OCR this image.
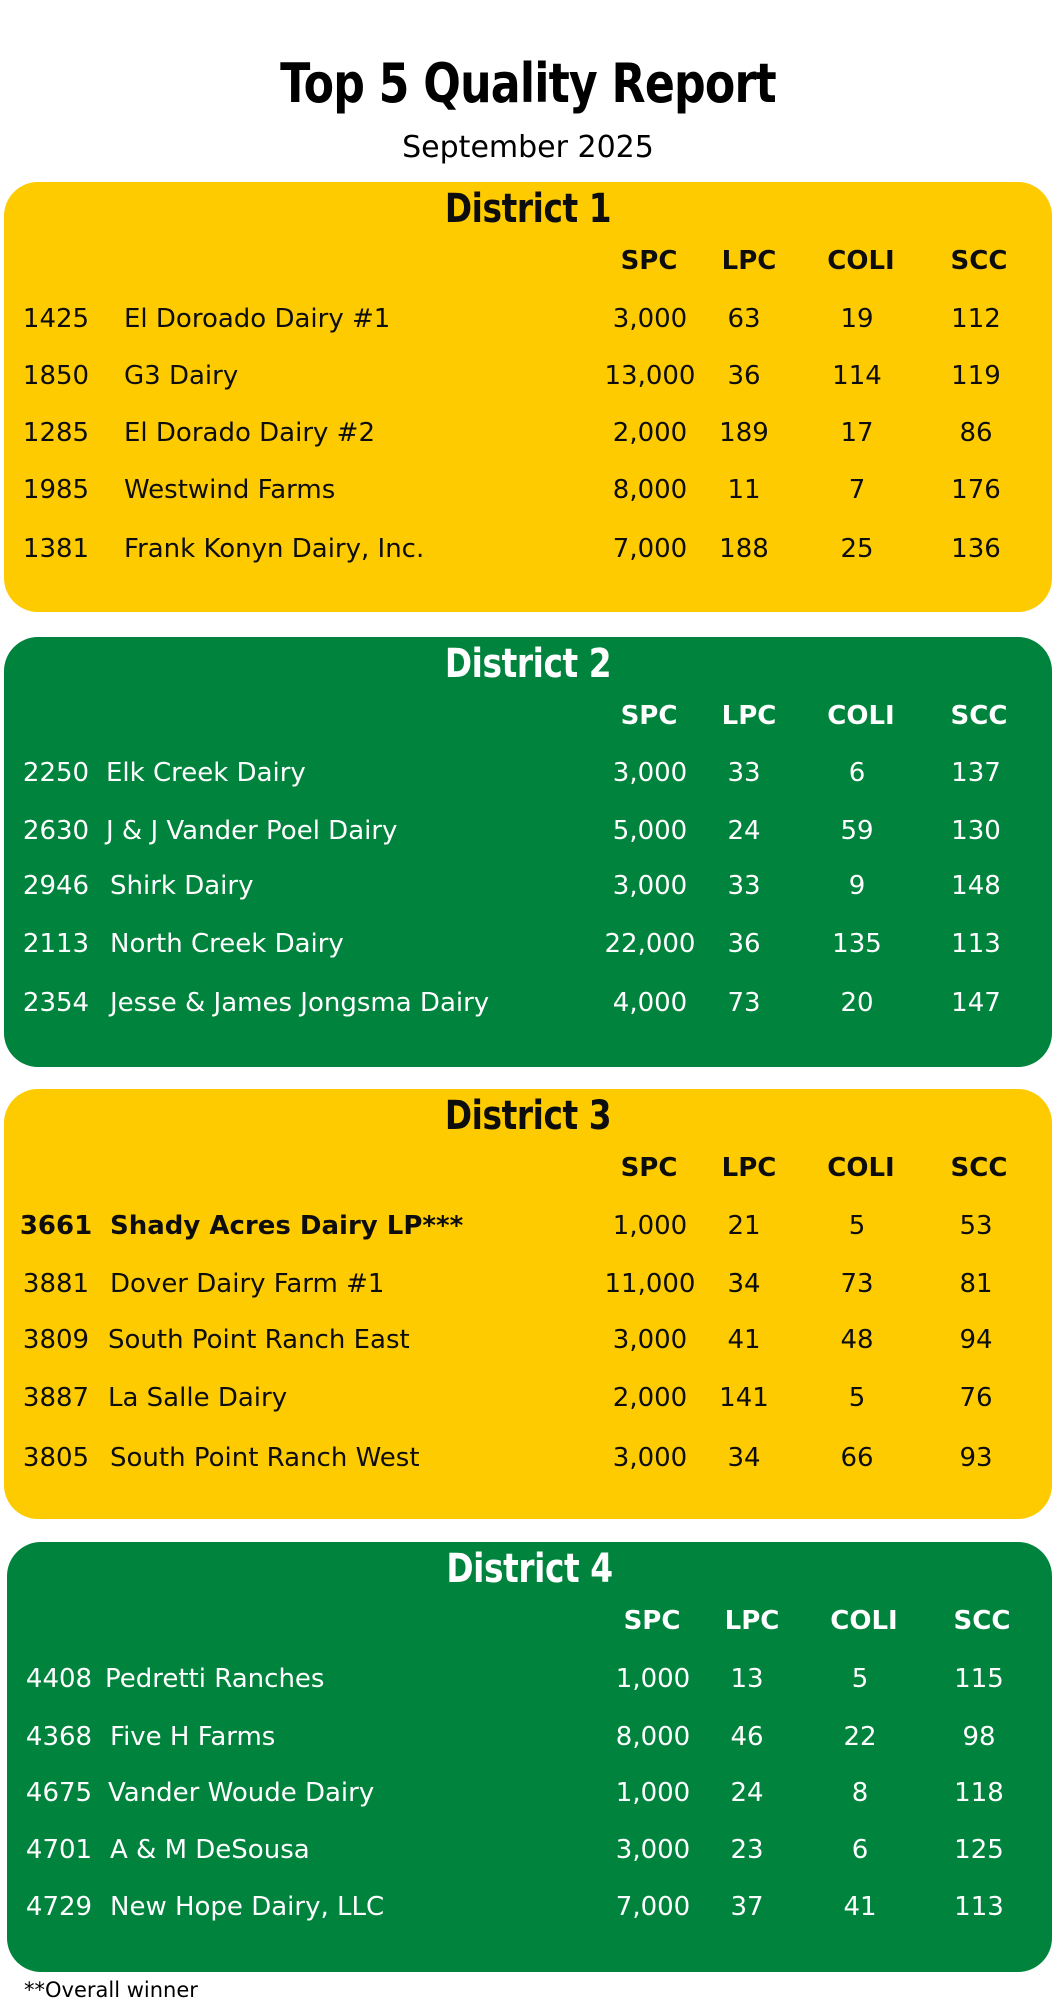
Top 5 Quality Report
September 2025
District 1
SPC	LPC	COLI	SCC
1425 El Doroado Dairy #1	3,000	63	19	112
1850 G3 Dairy	13,000	36	114	119
1285 El Dorado Dairy #2	2,000	189	17	86
1985 Westwind Farms	8,000	11	7	176
1381 Frank Konyn Dairy, Inc.	7,000	188	25	136
District 2
SPC	LPC	COLI	SCC
2250 Elk Creek Dairy	3,000	33	6	137
2630 J & J Vander Poel Dairy	5,000	24	59	130
2946 Shirk Dairy	3,000	33	9	148
2113 North Creek Dairy	22,000	36	135	113
2354 Jesse & James Jongsma Dairy	4,000	73	20	147
District 3
SPC	LPC	COLI	SCC
3661 Shady Acres Dairy LP***	1,000	21	5	53
3881 Dover Dairy Farm #1	11,000	34	73	81
3809 South Point Ranch East	3,000	41	48	94
3887 La Salle Dairy	2,000	141	5	76
3805 South Point Ranch West	3,000	34	66	93
District 4
SPC	LPC	COLI	SCC
4408 Pedretti Ranches	1,000	13	5	115
4368 Five H Farms	8,000	46	22	98
4675 Vander Woude Dairy	1,000	24	8	118
4701 A & M DeSousa	3,000	23	6	125
4729 New Hope Dairy, LLC	7,000	37	41	113
**Overall winner
